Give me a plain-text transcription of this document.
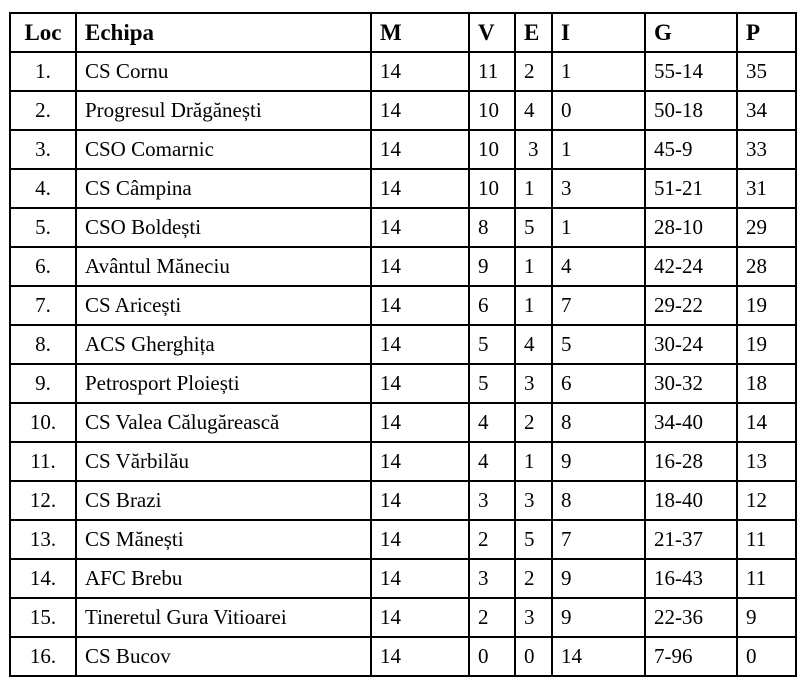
Loc	Echipa	M	V	E	I	G	P
1.	CS Cornu	14	11	2	1	55-14	35
2.	Progresul Drăgănești	14	10	4	0	50-18	34
3.	CSO Comarnic	14	10	3	1	45-9	33
4.	CS Câmpina	14	10	1	3	51-21	31
5.	CSO Boldești	14	8	5	1	28-10	29
6.	Avântul Măneciu	14	9	1	4	42-24	28
7.	CS Aricești	14	6	1	7	29-22	19
8.	ACS Gherghița	14	5	4	5	30-24	19
9.	Petrosport Ploiești	14	5	3	6	30-32	18
10.	CS Valea Călugărească	14	4	2	8	34-40	14
11.	CS Vărbilău	14	4	1	9	16-28	13
12.	CS Brazi	14	3	3	8	18-40	12
13.	CS Mănești	14	2	5	7	21-37	11
14.	AFC Brebu	14	3	2	9	16-43	11
15.	Tineretul Gura Vitioarei	14	2	3	9	22-36	9
16.	CS Bucov	14	0	0	14	7-96	0
